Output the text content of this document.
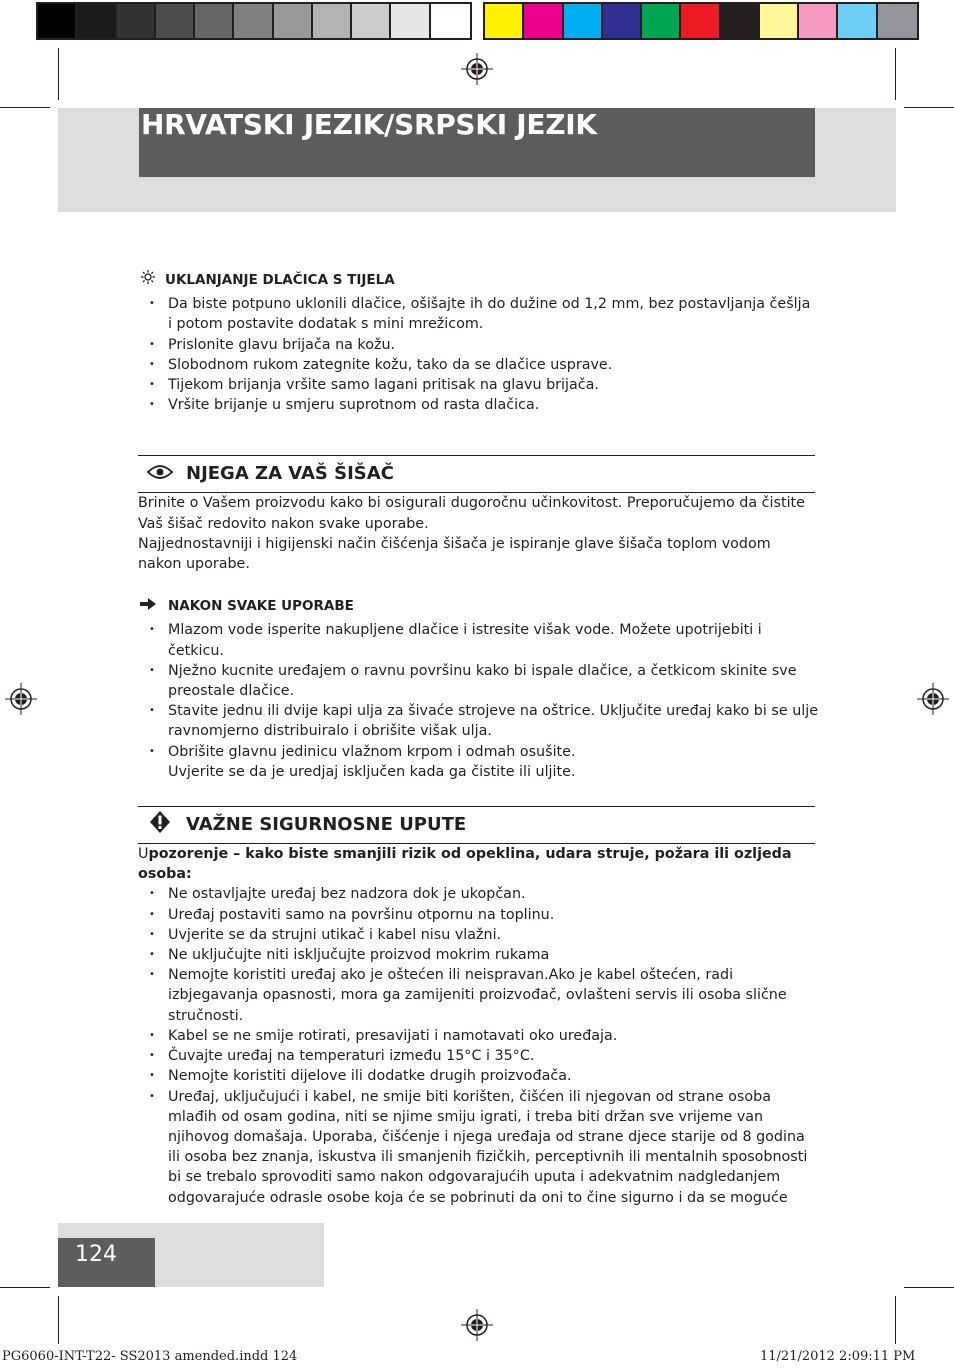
HRVATSKI JEZIK/SRPSKI JEZIK
UKLANJANJE DLAČICA S TIJELA
• Da biste potpuno uklonili dlačice, ošišajte ih do dužine od 1,2 mm, bez postavljanja češlja i potom postavite dodatak s mini mrežicom.
• Prislonite glavu brijača na kožu.
• Slobodnom rukom zategnite kožu, tako da se dlačice uspravе.
• Tijekom brijanja vršite samo lagani pritisak na glavu brijača.
• Vršite brijanje u smjeru suprotnom od rasta dlačica.
NJEGA ZA VAŠ ŠIŠAČ

Brinite o Vašem proizvodu kako bi osigurali dugoročnu učinkovitost. Preporučujemo da čistite Vaš šišač redovito nakon svake uporabe.

Najjednostavniji i higijenski način čišćenja šišača je ispiranje glave šišača toplom vodom nakon uporabe.

NAKON SVAKE UPORABE
• Mlazom vode isperite nakupljene dlačice i istresite višak vode. Možete upotrijebiti i četkicu.
• Nježno kucnite uređajem o ravnu površinu kako bi ispale dlačice, a četkicom skinite sve preostale dlačice.
• Stavite jednu ili dvije kapi ulja za šivaće strojeve na oštrice. Uključite uređaj kako bi se ulje ravnomjerno distribuiralo i obrišite višak ulja.
• Obrišite glavnu jedinicu vlažnom krpom i odmah osušite.
Uvjerite se da je uredjaj isključen kada ga čistite ili uljite.
VAŽNE SIGURNOSNE UPUTE

Upozorenje – kako biste smanjili rizik od opeklina, udara struje, požara ili ozljeda osoba:

• Ne ostavljajte uređaj bez nadzora dok je ukopčan.
• Uređaj postaviti samo na površinu otpornu na toplinu.
• Uvjerite se da strujni utikač i kabel nisu vlažni.
• Ne uključujte niti isključujte proizvod mokrim rukama
• Nemojte koristiti uređaj ako je oštećen ili neispravan.Ako je kabel oštećen, radi izbjegavanja opasnosti, mora ga zamijeniti proizvođač, ovlašteni servis ili osoba slične stručnosti.
• Kabel se ne smije rotirati, presavijati i namotavati oko uređaja.
• Čuvajte uređaj na temperaturi između 15°C i 35°C.
• Nemojte koristiti dijelove ili dodatke drugih proizvođača.
• Uređaj, uključujući i kabel, ne smije biti korišten, čišćen ili njegovan od strane osoba mlađih od osam godina, niti se njime smiju igrati, i treba biti držan sve vrijeme van njihovog domašaja. Uporaba, čišćenje i njega uređaja od strane djece starije od 8 godina ili osoba bez znanja, iskustva ili smanjenih fizičkih, perceptivnih ili mentalnih sposobnosti bi se trebalo sprovoditi samo nakon odgovarajućih uputa i adekvatnim nadgledanjem odgovarajuće odrasle osobe koja će se pobrinuti da oni to čine sigurno i da se moguće
124
PG6060-INT-T22- SS2013 amended.indd 124	11/21/2012 2:09:11 PM
